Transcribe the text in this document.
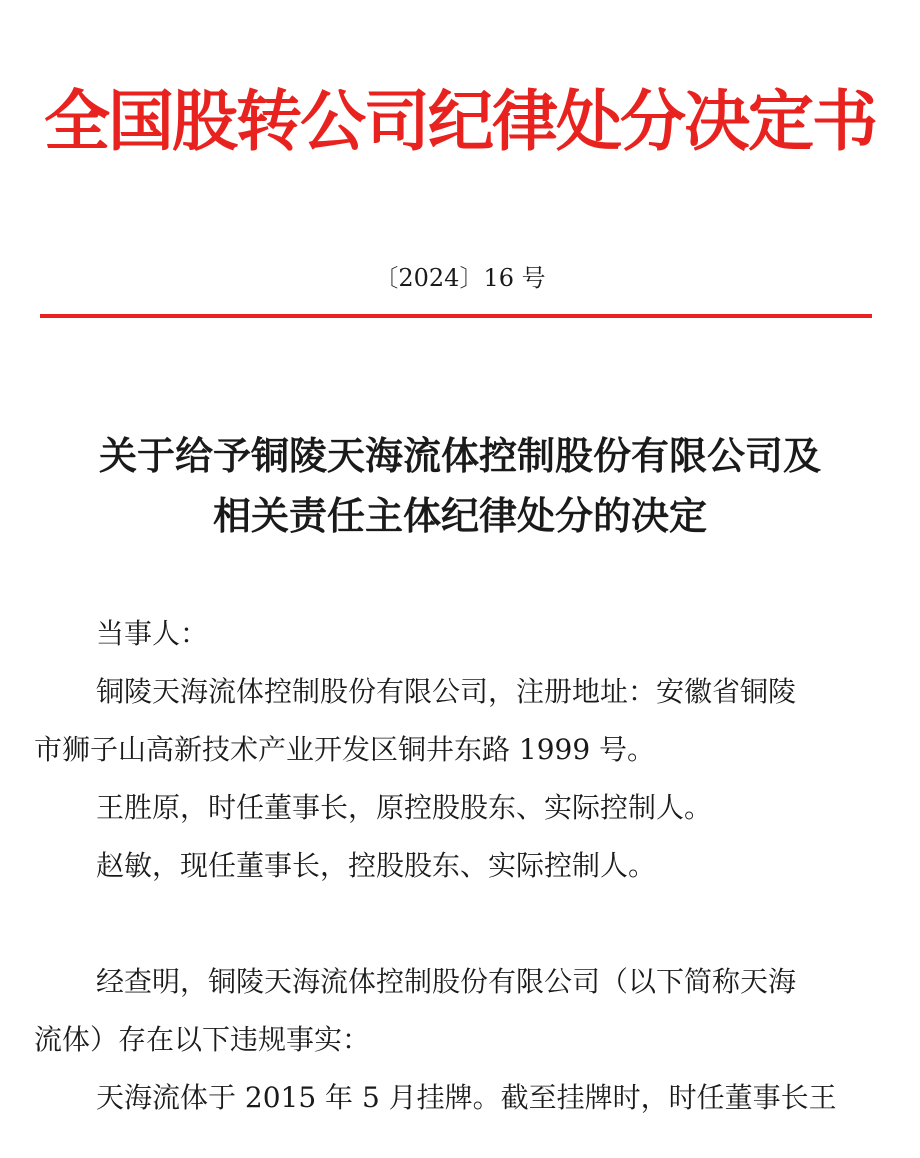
全国股转公司纪律处分决定书
〔2024〕16 号
关于给予铜陵天海流体控制股份有限公司及
相关责任主体纪律处分的决定
当事人：
铜陵天海流体控制股份有限公司，注册地址：安徽省铜陵
市狮子山高新技术产业开发区铜井东路 1999 号。
王胜原，时任董事长，原控股股东、实际控制人。
赵敏，现任董事长，控股股东、实际控制人。
经查明，铜陵天海流体控制股份有限公司（以下简称天海
流体）存在以下违规事实：
天海流体于 2015 年 5 月挂牌。截至挂牌时，时任董事长王
